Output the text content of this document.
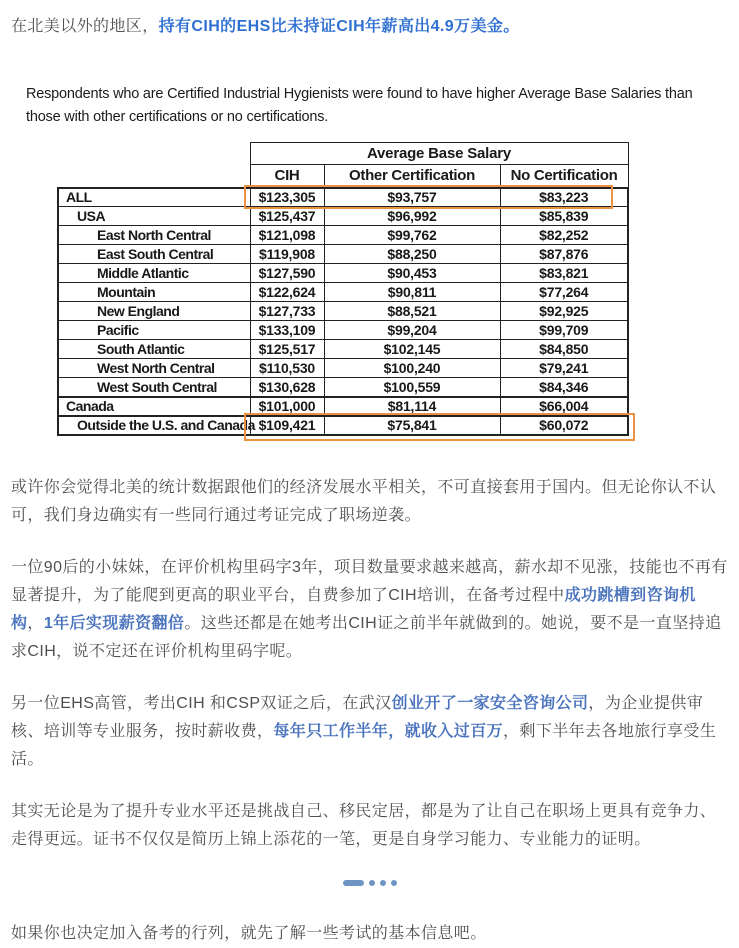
在北美以外的地区，持有CIH的EHS比未持证CIH年薪高出4.9万美金。

Respondents who are Certified Industrial Hygienists were found to have higher Average Base Salaries than those with other certifications or no certifications.

	Average Base Salary		
	CIH	Other Certification	No Certification
ALL	$123,305	$93,757	$83,223
USA	$125,437	$96,992	$85,839
East North Central	$121,098	$99,762	$82,252
East South Central	$119,908	$88,250	$87,876
Middle Atlantic	$127,590	$90,453	$83,821
Mountain	$122,624	$90,811	$77,264
New England	$127,733	$88,521	$92,925
Pacific	$133,109	$99,204	$99,709
South Atlantic	$125,517	$102,145	$84,850
West North Central	$110,530	$100,240	$79,241
West South Central	$130,628	$100,559	$84,346
Canada	$101,000	$81,114	$66,004
Outside the U.S. and Canada	$109,421	$75,841	$60,072

或许你会觉得北美的统计数据跟他们的经济发展水平相关，不可直接套用于国内。但无论你认不认可，我们身边确实有一些同行通过考证完成了职场逆袭。

一位90后的小妹妹，在评价机构里码字3年，项目数量要求越来越高，薪水却不见涨，技能也不再有显著提升，为了能爬到更高的职业平台，自费参加了CIH培训，在备考过程中成功跳槽到咨询机构，1年后实现薪资翻倍。这些还都是在她考出CIH证之前半年就做到的。她说，要不是一直坚持追求CIH，说不定还在评价机构里码字呢。

另一位EHS高管，考出CIH 和CSP双证之后，在武汉创业开了一家安全咨询公司，为企业提供审核、培训等专业服务，按时薪收费，每年只工作半年，就收入过百万，剩下半年去各地旅行享受生活。

其实无论是为了提升专业水平还是挑战自己、移民定居，都是为了让自己在职场上更具有竞争力、走得更远。证书不仅仅是简历上锦上添花的一笔，更是自身学习能力、专业能力的证明。

如果你也决定加入备考的行列，就先了解一些考试的基本信息吧。
